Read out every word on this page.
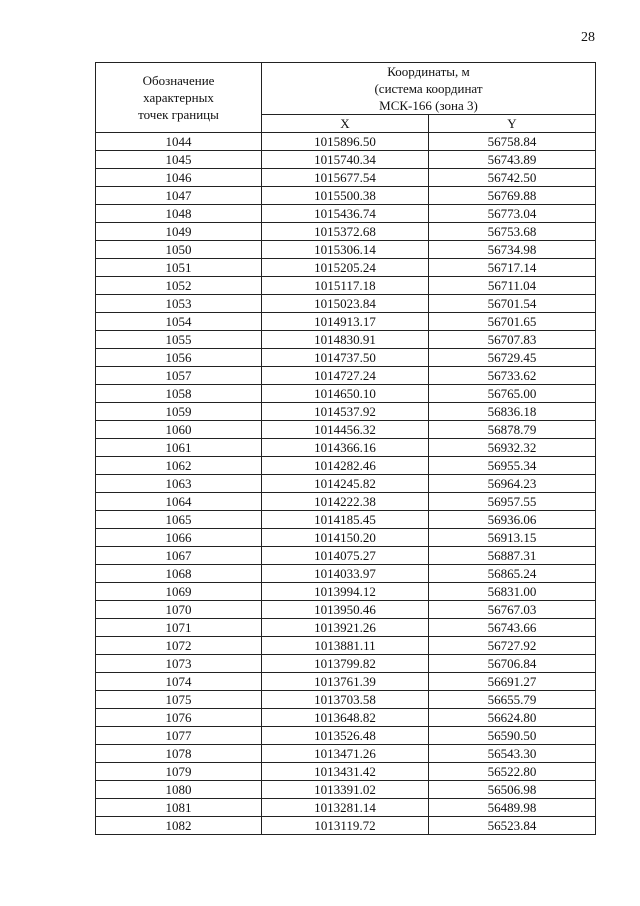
28
Обозначение
характерных
точек границы	Координаты, м
(система координат
МСК-166 (зона 3)	

	X	Y
1044	1015896.50	56758.84
1045	1015740.34	56743.89
1046	1015677.54	56742.50
1047	1015500.38	56769.88
1048	1015436.74	56773.04
1049	1015372.68	56753.68
1050	1015306.14	56734.98
1051	1015205.24	56717.14
1052	1015117.18	56711.04
1053	1015023.84	56701.54
1054	1014913.17	56701.65
1055	1014830.91	56707.83
1056	1014737.50	56729.45
1057	1014727.24	56733.62
1058	1014650.10	56765.00
1059	1014537.92	56836.18
1060	1014456.32	56878.79
1061	1014366.16	56932.32
1062	1014282.46	56955.34
1063	1014245.82	56964.23
1064	1014222.38	56957.55
1065	1014185.45	56936.06
1066	1014150.20	56913.15
1067	1014075.27	56887.31
1068	1014033.97	56865.24
1069	1013994.12	56831.00
1070	1013950.46	56767.03
1071	1013921.26	56743.66
1072	1013881.11	56727.92
1073	1013799.82	56706.84
1074	1013761.39	56691.27
1075	1013703.58	56655.79
1076	1013648.82	56624.80
1077	1013526.48	56590.50
1078	1013471.26	56543.30
1079	1013431.42	56522.80
1080	1013391.02	56506.98
1081	1013281.14	56489.98
1082	1013119.72	56523.84
